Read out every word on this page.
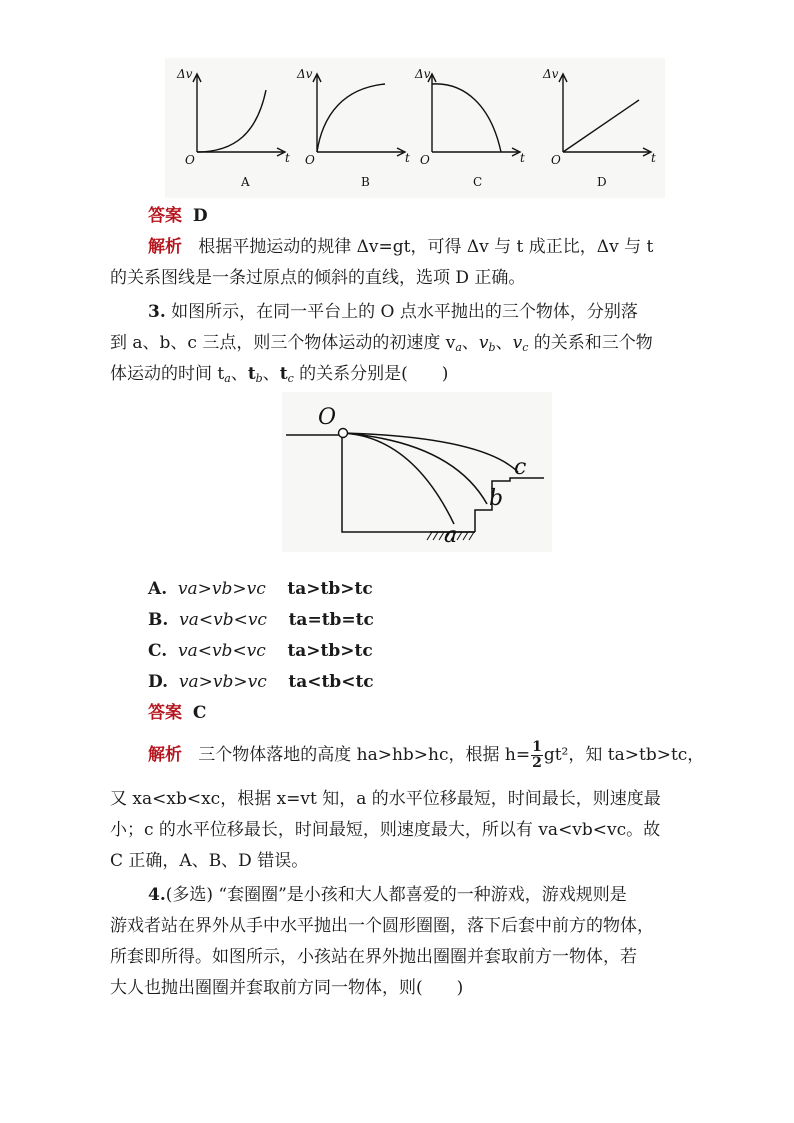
Δv	Δv	Δv	Δv
t	t	t	t
O	O	O	O
A	B	C	D
答案 D
解析 根据平抛运动的规律 Δv=gt，可得 Δv 与 t 成正比，Δv 与 t
的关系图线是一条过原点的倾斜的直线，选项 D 正确。
3. 如图所示，在同一平台上的 O 点水平抛出的三个物体，分别落
到 a、b、c 三点，则三个物体运动的初速度 $v_a$、$v_b$、$v_c$ 的关系和三个物
体运动的时间 $t_a$、$t_b$、$t_c$ 的关系分别是(　　)
O
a
b
c
A. va>vb>vc ta>tb>tc
B. va<vb<vc ta=tb=tc
C. va<vb<vc ta>tb>tc
D. va>vb>vc ta<tb<tc
答案 C
解析 三个物体落地的高度 ha>hb>hc，根据 $h= \frac{1}{2} gt^2$，知 ta>tb>tc，
又 xa<xb<xc，根据 x=vt 知，a 的水平位移最短，时间最长，则速度最
小；c 的水平位移最长，时间最短，则速度最大，所以有 va<vb<vc。故
C 正确，A、B、D 错误。
4.(多选) “套圈圈”是小孩和大人都喜爱的一种游戏，游戏规则是
游戏者站在界外从手中水平抛出一个圆形圈圈，落下后套中前方的物体，
所套即所得。如图所示，小孩站在界外抛出圈圈并套取前方一物体，若
大人也抛出圈圈并套取前方同一物体，则(　　)
